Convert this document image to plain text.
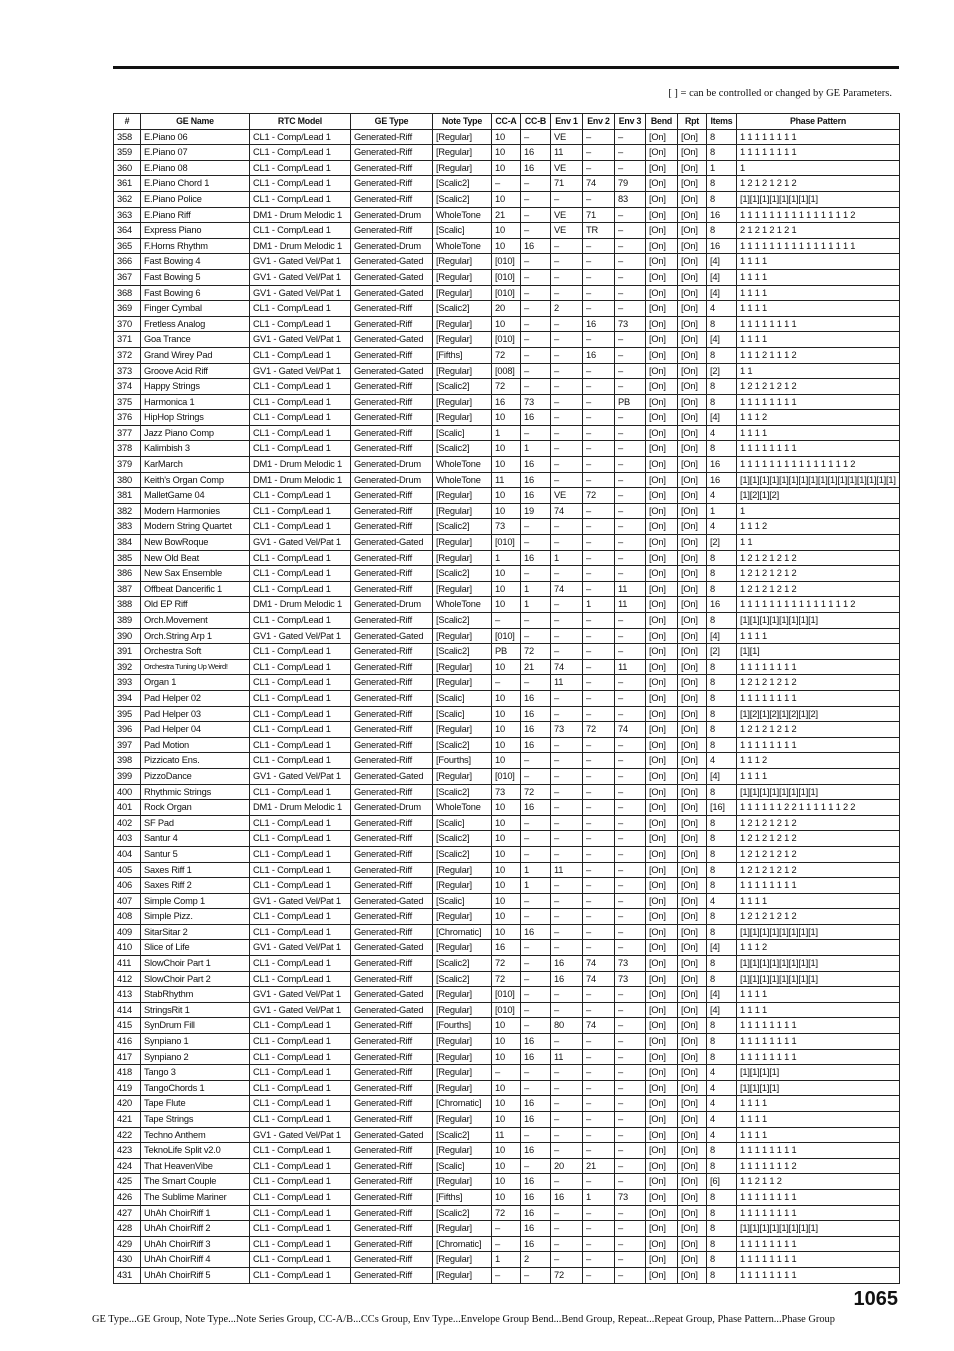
[ ] = can be controlled or changed by GE Parameters.
#	GE Name	RTC Model	GE Type	Note Type	CC-A	CC-B	Env 1	Env 2	Env 3	Bend	Rpt	Items	Phase Pattern
358	E.Piano 06	CL1 - Comp/Lead 1	Generated-Riff	[Regular]	10	–	VE	–	–	[On]	[On]	8	1 1 1 1 1 1 1 1
359	E.Piano 07	CL1 - Comp/Lead 1	Generated-Riff	[Regular]	10	16	11	–	–	[On]	[On]	8	1 1 1 1 1 1 1 1
360	E.Piano 08	CL1 - Comp/Lead 1	Generated-Riff	[Regular]	10	16	VE	–	–	[On]	[On]	1	1
361	E.Piano Chord 1	CL1 - Comp/Lead 1	Generated-Riff	[Scalic2]	–	–	71	74	79	[On]	[On]	8	1 2 1 2 1 2 1 2
362	E.Piano Police	CL1 - Comp/Lead 1	Generated-Riff	[Scalic2]	10	–	–	–	83	[On]	[On]	8	[1][1][1][1][1][1][1][1]
363	E.Piano Riff	DM1 - Drum Melodic 1	Generated-Drum	WholeTone	21	–	VE	71	–	[On]	[On]	16	1 1 1 1 1 1 1 1 1 1 1 1 1 1 1 2
364	Express Piano	CL1 - Comp/Lead 1	Generated-Riff	[Scalic]	10	–	VE	TR	–	[On]	[On]	8	2 1 2 1 2 1 2 1
365	F.Horns Rhythm	DM1 - Drum Melodic 1	Generated-Drum	WholeTone	10	16	–	–	–	[On]	[On]	16	1 1 1 1 1 1 1 1 1 1 1 1 1 1 1 1
366	Fast Bowing 4	GV1 - Gated Vel/Pat 1	Generated-Gated	[Regular]	[010]	–	–	–	–	[On]	[On]	[4]	1 1 1 1
367	Fast Bowing 5	GV1 - Gated Vel/Pat 1	Generated-Gated	[Regular]	[010]	–	–	–	–	[On]	[On]	[4]	1 1 1 1
368	Fast Bowing 6	GV1 - Gated Vel/Pat 1	Generated-Gated	[Regular]	[010]	–	–	–	–	[On]	[On]	[4]	1 1 1 1
369	Finger Cymbal	CL1 - Comp/Lead 1	Generated-Riff	[Scalic2]	20	–	2	–	–	[On]	[On]	4	1 1 1 1
370	Fretless Analog	CL1 - Comp/Lead 1	Generated-Riff	[Regular]	10	–	–	16	73	[On]	[On]	8	1 1 1 1 1 1 1 1
371	Goa Trance	GV1 - Gated Vel/Pat 1	Generated-Gated	[Regular]	[010]	–	–	–	–	[On]	[On]	[4]	1 1 1 1
372	Grand Wirey Pad	CL1 - Comp/Lead 1	Generated-Riff	[Fifths]	72	–	–	16	–	[On]	[On]	8	1 1 1 2 1 1 1 2
373	Groove Acid Riff	GV1 - Gated Vel/Pat 1	Generated-Gated	[Regular]	[008]	–	–	–	–	[On]	[On]	[2]	1 1
374	Happy Strings	CL1 - Comp/Lead 1	Generated-Riff	[Scalic2]	72	–	–	–	–	[On]	[On]	8	1 2 1 2 1 2 1 2
375	Harmonica 1	CL1 - Comp/Lead 1	Generated-Riff	[Regular]	16	73	–	–	PB	[On]	[On]	8	1 1 1 1 1 1 1 1
376	HipHop Strings	CL1 - Comp/Lead 1	Generated-Riff	[Regular]	10	16	–	–	–	[On]	[On]	[4]	1 1 1 2
377	Jazz Piano Comp	CL1 - Comp/Lead 1	Generated-Riff	[Scalic]	1	–	–	–	–	[On]	[On]	4	1 1 1 1
378	Kalimbish 3	CL1 - Comp/Lead 1	Generated-Riff	[Scalic2]	10	1	–	–	–	[On]	[On]	8	1 1 1 1 1 1 1 1
379	KarMarch	DM1 - Drum Melodic 1	Generated-Drum	WholeTone	10	16	–	–	–	[On]	[On]	16	1 1 1 1 1 1 1 1 1 1 1 1 1 1 1 2
380	Keith's Organ Comp	DM1 - Drum Melodic 1	Generated-Drum	WholeTone	11	16	–	–	–	[On]	[On]	16	[1][1][1][1][1][1][1][1][1][1][1][1][1][1][1][1]
381	MalletGame 04	CL1 - Comp/Lead 1	Generated-Riff	[Regular]	10	16	VE	72	–	[On]	[On]	4	[1][2][1][2]
382	Modern Harmonies	CL1 - Comp/Lead 1	Generated-Riff	[Regular]	10	19	74	–	–	[On]	[On]	1	1
383	Modern String Quartet	CL1 - Comp/Lead 1	Generated-Riff	[Scalic2]	73	–	–	–	–	[On]	[On]	4	1 1 1 2
384	New BowRoque	GV1 - Gated Vel/Pat 1	Generated-Gated	[Regular]	[010]	–	–	–	–	[On]	[On]	[2]	1 1
385	New Old Beat	CL1 - Comp/Lead 1	Generated-Riff	[Regular]	1	16	1	–	–	[On]	[On]	8	1 2 1 2 1 2 1 2
386	New Sax Ensemble	CL1 - Comp/Lead 1	Generated-Riff	[Scalic2]	10	–	–	–	–	[On]	[On]	8	1 2 1 2 1 2 1 2
387	Offbeat Dancerific 1	CL1 - Comp/Lead 1	Generated-Riff	[Regular]	10	1	74	–	11	[On]	[On]	8	1 2 1 2 1 2 1 2
388	Old EP Riff	DM1 - Drum Melodic 1	Generated-Drum	WholeTone	10	1	–	1	11	[On]	[On]	16	1 1 1 1 1 1 1 1 1 1 1 1 1 1 1 2
389	Orch.Movement	CL1 - Comp/Lead 1	Generated-Riff	[Scalic2]	–	–	–	–	–	[On]	[On]	8	[1][1][1][1][1][1][1][1]
390	Orch.String Arp 1	GV1 - Gated Vel/Pat 1	Generated-Gated	[Regular]	[010]	–	–	–	–	[On]	[On]	[4]	1 1 1 1
391	Orchestra Soft	CL1 - Comp/Lead 1	Generated-Riff	[Scalic2]	PB	72	–	–	–	[On]	[On]	[2]	[1][1]
392	Orchestra Tuning Up Weird!	CL1 - Comp/Lead 1	Generated-Riff	[Regular]	10	21	74	–	11	[On]	[On]	8	1 1 1 1 1 1 1 1
393	Organ 1	CL1 - Comp/Lead 1	Generated-Riff	[Regular]	–	–	11	–	–	[On]	[On]	8	1 2 1 2 1 2 1 2
394	Pad Helper 02	CL1 - Comp/Lead 1	Generated-Riff	[Scalic]	10	16	–	–	–	[On]	[On]	8	1 1 1 1 1 1 1 1
395	Pad Helper 03	CL1 - Comp/Lead 1	Generated-Riff	[Scalic]	10	16	–	–	–	[On]	[On]	8	[1][2][1][2][1][2][1][2]
396	Pad Helper 04	CL1 - Comp/Lead 1	Generated-Riff	[Regular]	10	16	73	72	74	[On]	[On]	8	1 2 1 2 1 2 1 2
397	Pad Motion	CL1 - Comp/Lead 1	Generated-Riff	[Scalic2]	10	16	–	–	–	[On]	[On]	8	1 1 1 1 1 1 1 1
398	Pizzicato Ens.	CL1 - Comp/Lead 1	Generated-Riff	[Fourths]	10	–	–	–	–	[On]	[On]	4	1 1 1 2
399	PizzoDance	GV1 - Gated Vel/Pat 1	Generated-Gated	[Regular]	[010]	–	–	–	–	[On]	[On]	[4]	1 1 1 1
400	Rhythmic Strings	CL1 - Comp/Lead 1	Generated-Riff	[Scalic2]	73	72	–	–	–	[On]	[On]	8	[1][1][1][1][1][1][1][1]
401	Rock Organ	DM1 - Drum Melodic 1	Generated-Drum	WholeTone	10	16	–	–	–	[On]	[On]	[16]	1 1 1 1 1 1 2 2 1 1 1 1 1 1 2 2
402	SF Pad	CL1 - Comp/Lead 1	Generated-Riff	[Scalic]	10	–	–	–	–	[On]	[On]	8	1 2 1 2 1 2 1 2
403	Santur 4	CL1 - Comp/Lead 1	Generated-Riff	[Scalic2]	10	–	–	–	–	[On]	[On]	8	1 2 1 2 1 2 1 2
404	Santur 5	CL1 - Comp/Lead 1	Generated-Riff	[Scalic2]	10	–	–	–	–	[On]	[On]	8	1 2 1 2 1 2 1 2
405	Saxes Riff 1	CL1 - Comp/Lead 1	Generated-Riff	[Regular]	10	1	11	–	–	[On]	[On]	8	1 2 1 2 1 2 1 2
406	Saxes Riff 2	CL1 - Comp/Lead 1	Generated-Riff	[Regular]	10	1	–	–	–	[On]	[On]	8	1 1 1 1 1 1 1 1
407	Simple Comp 1	GV1 - Gated Vel/Pat 1	Generated-Gated	[Scalic]	10	–	–	–	–	[On]	[On]	4	1 1 1 1
408	Simple Pizz.	CL1 - Comp/Lead 1	Generated-Riff	[Regular]	10	–	–	–	–	[On]	[On]	8	1 2 1 2 1 2 1 2
409	SitarSitar 2	CL1 - Comp/Lead 1	Generated-Riff	[Chromatic]	10	16	–	–	–	[On]	[On]	8	[1][1][1][1][1][1][1][1]
410	Slice of Life	GV1 - Gated Vel/Pat 1	Generated-Gated	[Regular]	16	–	–	–	–	[On]	[On]	[4]	1 1 1 2
411	SlowChoir Part 1	CL1 - Comp/Lead 1	Generated-Riff	[Scalic2]	72	–	16	74	73	[On]	[On]	8	[1][1][1][1][1][1][1][1]
412	SlowChoir Part 2	CL1 - Comp/Lead 1	Generated-Riff	[Scalic2]	72	–	16	74	73	[On]	[On]	8	[1][1][1][1][1][1][1][1]
413	StabRhythm	GV1 - Gated Vel/Pat 1	Generated-Gated	[Regular]	[010]	–	–	–	–	[On]	[On]	[4]	1 1 1 1
414	StringsRit 1	GV1 - Gated Vel/Pat 1	Generated-Gated	[Regular]	[010]	–	–	–	–	[On]	[On]	[4]	1 1 1 1
415	SynDrum Fill	CL1 - Comp/Lead 1	Generated-Riff	[Fourths]	10	–	80	74	–	[On]	[On]	8	1 1 1 1 1 1 1 1
416	Synpiano 1	CL1 - Comp/Lead 1	Generated-Riff	[Regular]	10	16	–	–	–	[On]	[On]	8	1 1 1 1 1 1 1 1
417	Synpiano 2	CL1 - Comp/Lead 1	Generated-Riff	[Regular]	10	16	11	–	–	[On]	[On]	8	1 1 1 1 1 1 1 1
418	Tango 3	CL1 - Comp/Lead 1	Generated-Riff	[Regular]	–	–	–	–	–	[On]	[On]	4	[1][1][1][1]
419	TangoChords 1	CL1 - Comp/Lead 1	Generated-Riff	[Regular]	10	–	–	–	–	[On]	[On]	4	[1][1][1][1]
420	Tape Flute	CL1 - Comp/Lead 1	Generated-Riff	[Chromatic]	10	16	–	–	–	[On]	[On]	4	1 1 1 1
421	Tape Strings	CL1 - Comp/Lead 1	Generated-Riff	[Regular]	10	16	–	–	–	[On]	[On]	4	1 1 1 1
422	Techno Anthem	GV1 - Gated Vel/Pat 1	Generated-Gated	[Scalic2]	11	–	–	–	–	[On]	[On]	4	1 1 1 1
423	TeknoLife Split v2.0	CL1 - Comp/Lead 1	Generated-Riff	[Regular]	10	16	–	–	–	[On]	[On]	8	1 1 1 1 1 1 1 1
424	That HeavenVibe	CL1 - Comp/Lead 1	Generated-Riff	[Scalic]	10	–	20	21	–	[On]	[On]	8	1 1 1 1 1 1 1 2
425	The Smart Couple	CL1 - Comp/Lead 1	Generated-Riff	[Regular]	10	16	–	–	–	[On]	[On]	[6]	1 1 2 1 1 2
426	The Sublime Mariner	CL1 - Comp/Lead 1	Generated-Riff	[Fifths]	10	16	16	1	73	[On]	[On]	8	1 1 1 1 1 1 1 1
427	UhAh ChoirRiff 1	CL1 - Comp/Lead 1	Generated-Riff	[Scalic2]	72	16	–	–	–	[On]	[On]	8	1 1 1 1 1 1 1 1
428	UhAh ChoirRiff 2	CL1 - Comp/Lead 1	Generated-Riff	[Regular]	–	16	–	–	–	[On]	[On]	8	[1][1][1][1][1][1][1][1]
429	UhAh ChoirRiff 3	CL1 - Comp/Lead 1	Generated-Riff	[Chromatic]	–	16	–	–	–	[On]	[On]	8	1 1 1 1 1 1 1 1
430	UhAh ChoirRiff 4	CL1 - Comp/Lead 1	Generated-Riff	[Regular]	1	2	–	–	–	[On]	[On]	8	1 1 1 1 1 1 1 1
431	UhAh ChoirRiff 5	CL1 - Comp/Lead 1	Generated-Riff	[Regular]	–	–	72	–	–	[On]	[On]	8	1 1 1 1 1 1 1 1
1065
GE Type...GE Group, Note Type...Note Series Group, CC-A/B...CCs Group, Env Type...Envelope Group Bend...Bend Group, Repeat...Repeat Group, Phase Pattern...Phase Group
